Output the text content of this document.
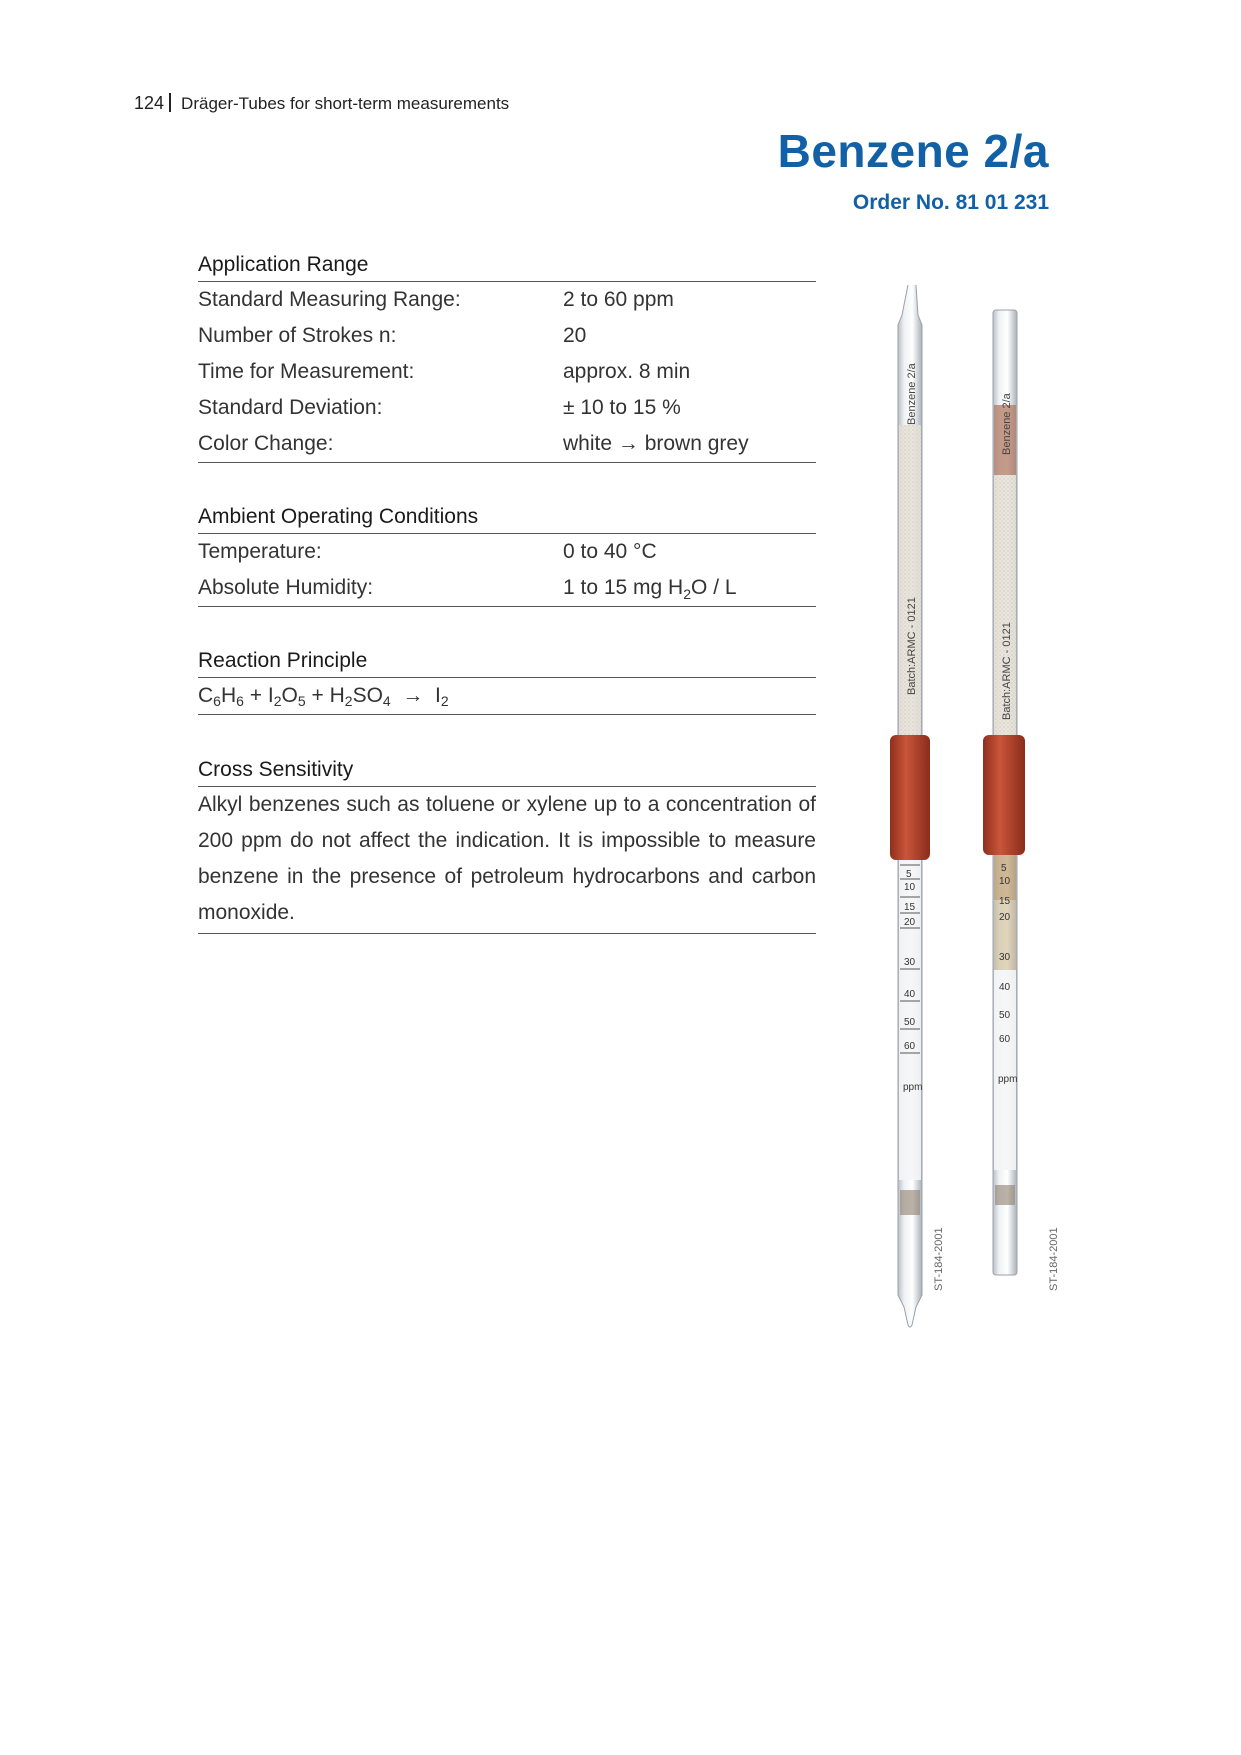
124 Dräger-Tubes for short-term measurements
Benzene 2/a
Order No. 81 01 231
Application Range
Standard Measuring Range:	2 to 60 ppm
Number of Strokes n:	20
Time for Measurement:	approx. 8 min
Standard Deviation:	± 10 to 15 %
Color Change:	white → brown grey
Ambient Operating Conditions
Temperature:	0 to 40 °C
Absolute Humidity:	1 to 15 mg $H_2O$ / L
Reaction Principle
$C_6H_6 + I_2O_5 + H_2SO_4 \to I_2$
Cross Sensitivity
Alkyl benzenes such as toluene or xylene up to a concentration of 200 ppm do not affect the indication. It is impossible to measure benzene in the presence of petroleum hydrocarbons and carbon monoxide.
Benzene 2/a
Batch:ARMC - 0121
5
10
15
20
30
40
50
60
ppm
Benzene 2/a
Batch:ARMC - 0121
5
10
15
20
30
40
50
60
ppm
ST-184-2001	ST-184-2001
